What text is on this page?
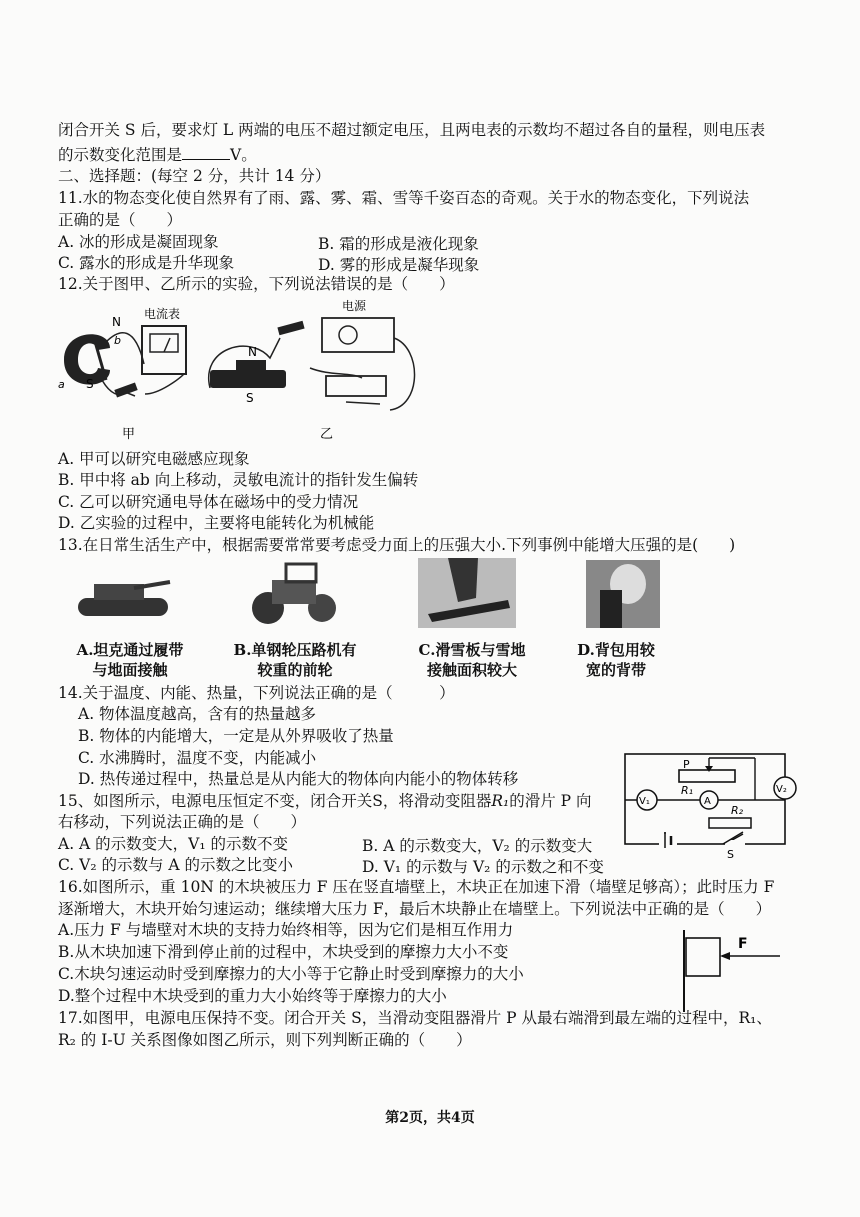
闭合开关 S 后，要求灯 L 两端的电压不超过额定电压，且两电表的示数均不超过各自的量程，则电压表
的示数变化范围是	V。
二、选择题：(每空 2 分，共计 14 分）
11.水的物态变化使自然界有了雨、露、雾、霜、雪等千姿百态的奇观。关于水的物态变化，下列说法
正确的是（　　）
A. 冰的形成是凝固现象	B. 霜的形成是液化现象
C. 露水的形成是升华现象	D. 雾的形成是凝华现象
12.关于图甲、乙所示的实验，下列说法错误的是（　　）
N
b
a S
电流表
电源
N
S
甲	乙
A. 甲可以研究电磁感应现象
B. 甲中将 ab 向上移动，灵敏电流计的指针发生偏转
C. 乙可以研究通电导体在磁场中的受力情况
D. 乙实验的过程中，主要将电能转化为机械能
13.在日常生活生产中，根据需要常常要考虑受力面上的压强大小.下列事例中能增大压强的是(　　)
A.坦克通过履带
与地面接触
B.单钢轮压路机有
较重的前轮
C.滑雪板与雪地
接触面积较大
D.背包用较
宽的背带
14.关于温度、内能、热量，下列说法正确的是（　　　）
A. 物体温度越高，含有的热量越多
B. 物体的内能增大，一定是从外界吸收了热量
C. 水沸腾时，温度不变，内能减小
D. 热传递过程中，热量总是从内能大的物体向内能小的物体转移
15、如图所示，电源电压恒定不变，闭合开关S，将滑动变阻器R₁的滑片 P 向
右移动，下列说法正确的是（　　）
A. A 的示数变大，V₁ 的示数不变	B. A 的示数变大，V₂ 的示数变大
C. V₂ 的示数与 A 的示数之比变小	D. V₁ 的示数与 V₂ 的示数之和不变
P
R₁
R₂
A
V₁
V₂
S
16.如图所示，重 10N 的木块被压力 F 压在竖直墙壁上，木块正在加速下滑（墙壁足够高）；此时压力 F
逐渐增大，木块开始匀速运动；继续增大压力 F，最后木块静止在墙壁上。下列说法中正确的是（　　）
A.压力 F 与墙壁对木块的支持力始终相等，因为它们是相互作用力
B.从木块加速下滑到停止前的过程中，木块受到的摩擦力大小不变
C.木块匀速运动时受到摩擦力的大小等于它静止时受到摩擦力的大小
D.整个过程中木块受到的重力大小始终等于摩擦力的大小
F
17.如图甲，电源电压保持不变。闭合开关 S，当滑动变阻器滑片 P 从最右端滑到最左端的过程中，R₁、
R₂ 的 I-U 关系图像如图乙所示，则下列判断正确的（　　）
第2页，共4页
